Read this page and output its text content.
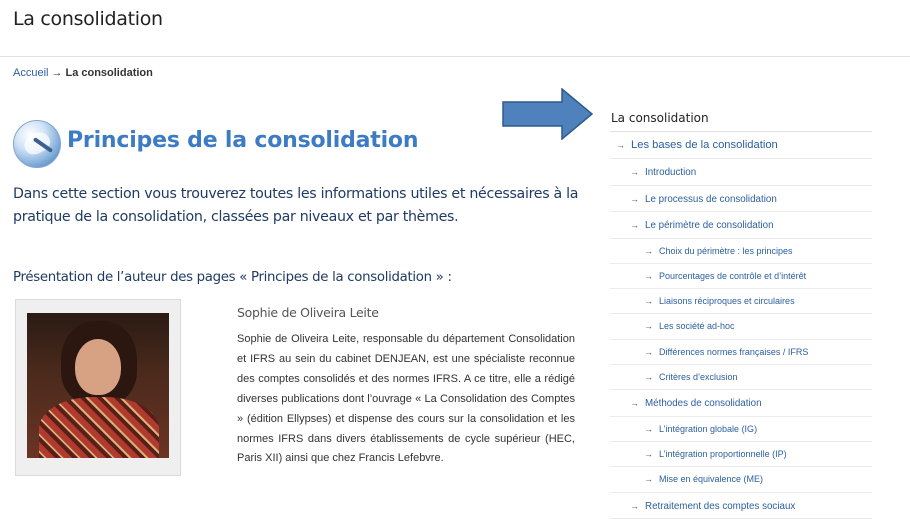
La consolidation
Accueil → La consolidation
Principes de la consolidation

Dans cette section vous trouverez toutes les informations utiles et nécessaires à la pratique de la consolidation, classées par niveaux et par thèmes.

Présentation de l’auteur des pages « Principes de la consolidation » :
Sophie de Oliveira Leite

Sophie de Oliveira Leite, responsable du département Consolidation et IFRS au sein du cabinet DENJEAN, est une spécialiste reconnue des comptes consolidés et des normes IFRS. A ce titre, elle a rédigé diverses publications dont l’ouvrage « La Consolidation des Comptes » (édition Ellypses) et dispense des cours sur la consolidation et les normes IFRS dans divers établissements de cycle supérieur (HEC, Paris XII) ainsi que chez Francis Lefebvre.

La consolidation
→ Les bases de la consolidation
→ Introduction
→ Le processus de consolidation
→ Le périmètre de consolidation
→ Choix du périmètre : les principes
→ Pourcentages de contrôle et d’intérêt
→ Liaisons réciproques et circulaires
→ Les société ad-hoc
→ Différences normes françaises / IFRS
→ Critères d’exclusion
→ Méthodes de consolidation
→ L’intégration globale (IG)
→ L’intégration proportionnelle (IP)
→ Mise en équivalence (ME)
→ Retraitement des comptes sociaux
